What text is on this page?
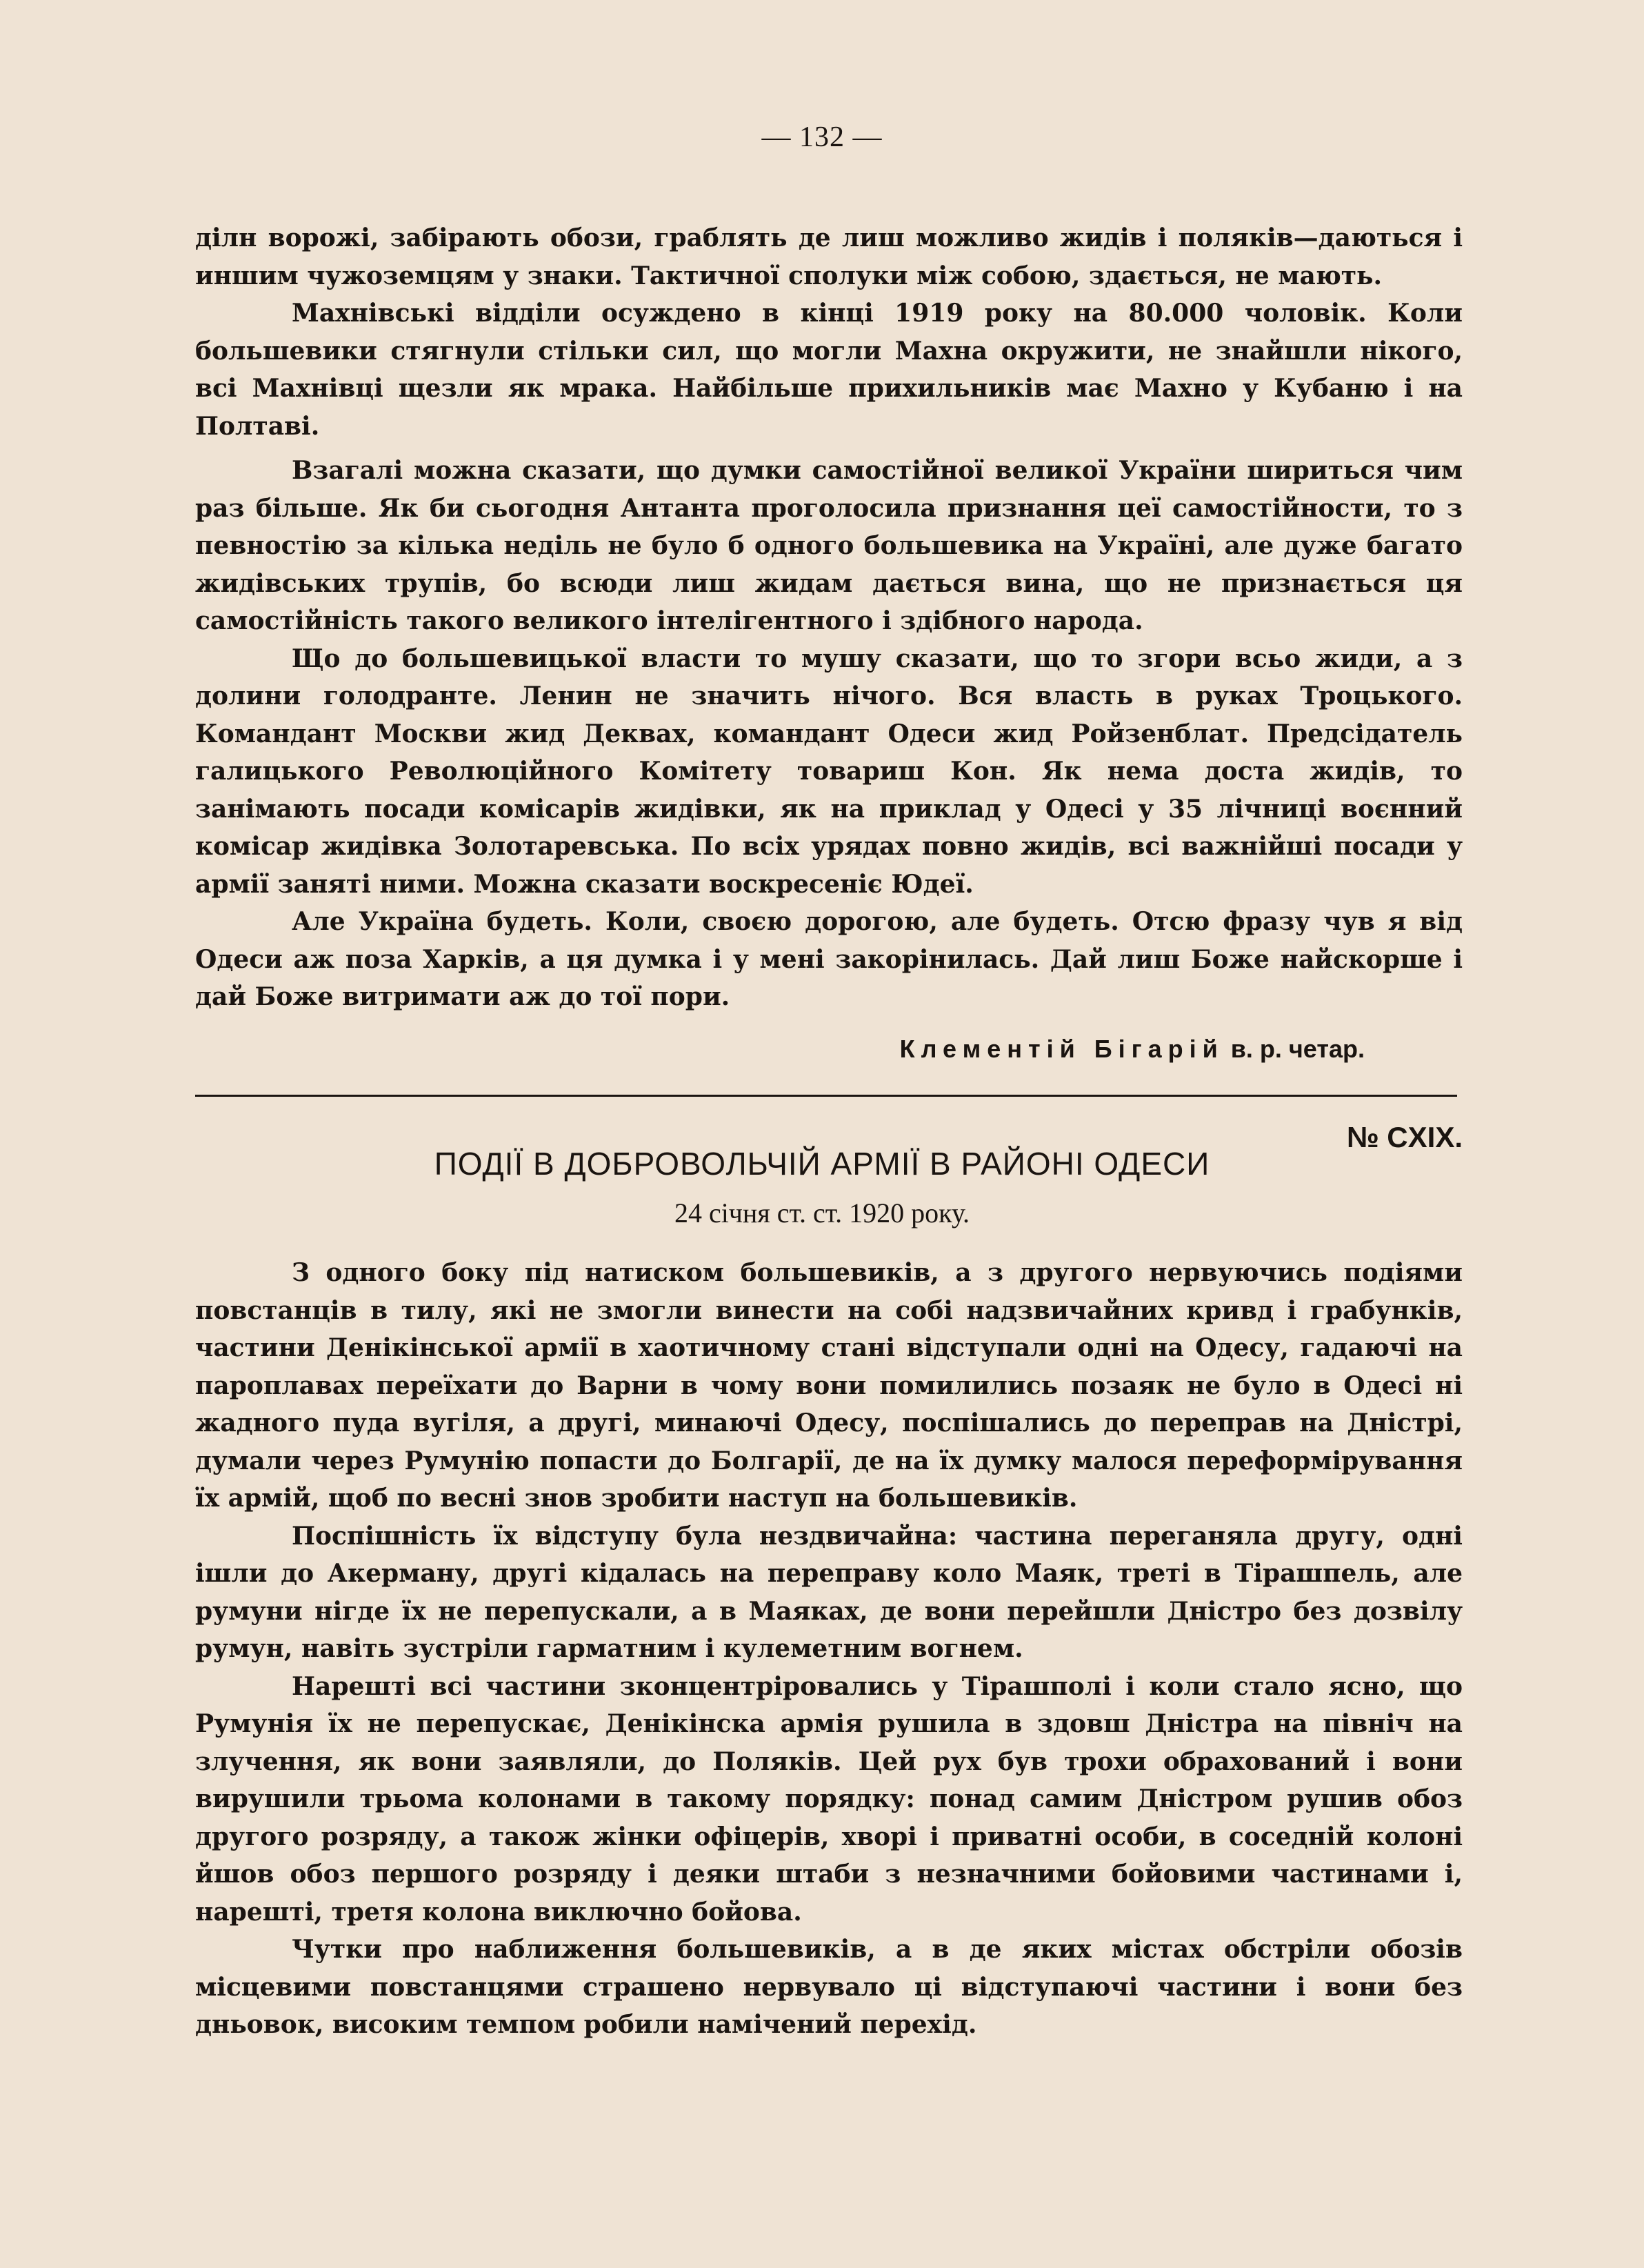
— 132 —

ділн ворожі, забірають обози, граблять де лиш можливо жидів і поляків—даються і иншим чужоземцям у знаки. Тактичної сполуки між собою, здається, не мають.

Махнівські відділи осуждено в кінці 1919 року на 80.000 чоловік. Коли большевики стягнули стільки сил, що могли Махна окружити, не знайшли нікого, всі Махнівці щезли як мрака. Найбільше прихильників має Махно у Кубаню і на Полтаві.

Взагалі можна сказати, що думки самостійної великої України шириться чим раз більше. Як би сьогодня Антанта проголосила признання цеї самостійности, то з певностію за кілька неділь не було б одного большевика на Україні, але дуже багато жидівських трупів, бо всюди лиш жидам дається вина, що не признається ця самостійність такого великого інтелігентного і здібного народа.

Що до большевицької власти то мушу сказати, що то згори всьо жиди, а з долини голодранте. Ленин не значить нічого. Вся власть в руках Троцького. Командант Москви жид Деквах, командант Одеси жид Ройзенблат. Предсідатель галицького Революційного Комітету товариш Кон. Як нема доста жидів, то занімають посади комісарів жидівки, як на приклад у Одесі у 35 лічниці воєнний комісар жидівка Золотаревська. По всіх урядах повно жидів, всі важнійші посади у армії заняті ними. Можна сказати воскресеніє Юдеї.

Але Україна будеть. Коли, своєю дорогою, але будеть. Отсю фразу чув я від Одеси аж поза Харків, а ця думка і у мені закорінилась. Дай лиш Боже найскорше і дай Боже витримати аж до тої пори.

Клементій Бігарій в. р. четар.
№ CXIX.
ПОДІЇ В ДОБРОВОЛЬЧІЙ АРМІЇ В РАЙОНІ ОДЕСИ
24 січня ст. ст. 1920 року.

З одного боку під натиском большевиків, а з другого нервуючись подіями повстанців в тилу, які не змогли винести на собі надзвичайних кривд і грабунків, частини Денікінської армії в хаотичному стані відступали одні на Одесу, гадаючі на пароплавах переїхати до Варни в чому вони помилились позаяк не було в Одесі ні жадного пуда вугіля, а другі, минаючі Одесу, поспішались до переправ на Дністрі, думали через Румунію попасти до Болгарії, де на їх думку малося переформірування їх армій, щоб по весні знов зробити наступ на большевиків.

Поспішність їх відступу була нездвичайна: частина переганяла другу, одні ішли до Акерману, другі кідалась на переправу коло Маяк, треті в Тірашпель, але румуни нігде їх не перепускали, а в Маяках, де вони перейшли Дністро без дозвілу румун, навіть зустріли гарматним і кулеметним вогнем.

Нарешті всі частини зконцентріровались у Тірашполі і коли стало ясно, що Румунія їх не перепускає, Денікінска армія рушила в здовш Дністра на північ на злучення, як вони заявляли, до Поляків. Цей рух був трохи обрахований і вони вирушили трьома колонами в такому порядку: понад самим Дністром рушив обоз другого розряду, а також жінки офіцерів, хворі і приватні особи, в соседній колоні йшов обоз першого розряду і деяки штаби з незначними бойовими частинами і, нарешті, третя колона виключно бойова.

Чутки про наближення большевиків, а в де яких містах обстріли обозів місцевими повстанцями страшено нервувало ці відступаючі частини і вони без дньовок, високим темпом робили намічений перехід.
